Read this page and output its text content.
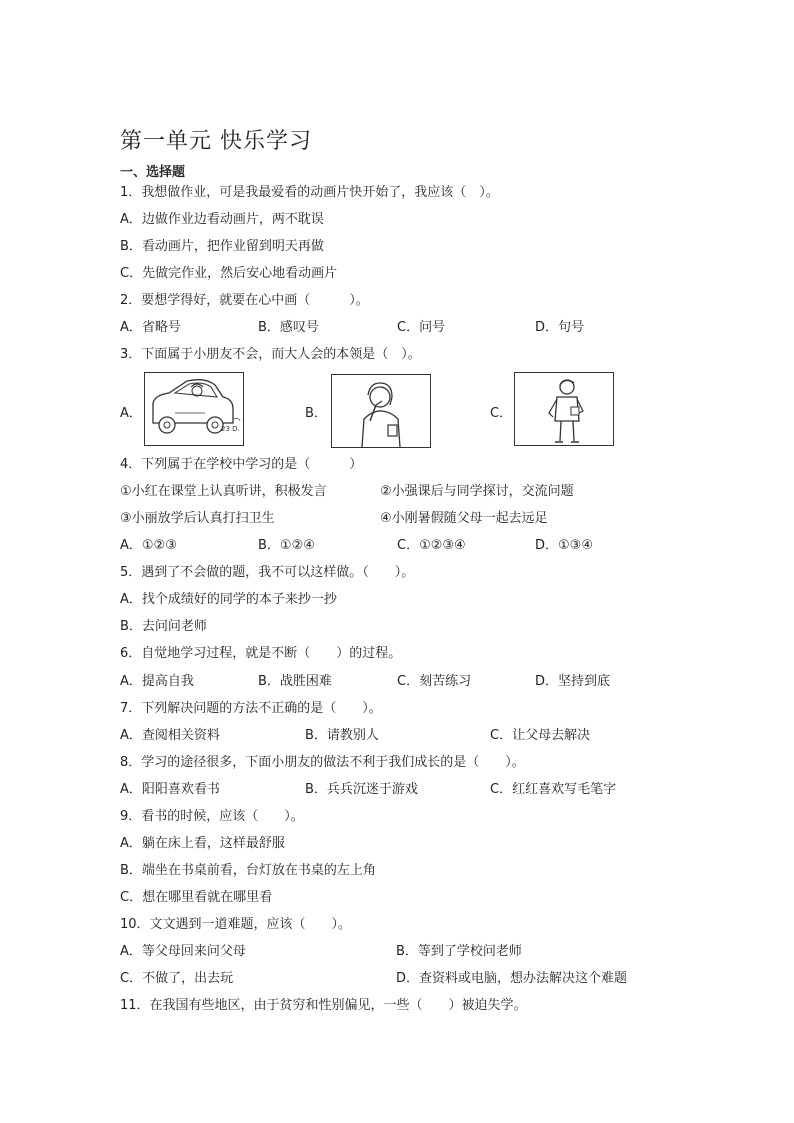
第一单元 快乐学习
一、选择题
1．我想做作业，可是我最爱看的动画片快开始了，我应该（　）。
A．边做作业边看动画片，两不耽误
B．看动画片，把作业留到明天再做
C．先做完作业，然后安心地看动画片
2．要想学得好，就要在心中画（　　　）。
A．省略号	B．感叹号	C．问号	D．句号
3．下面属于小朋友不会，而大人会的本领是（　）。
A．
23 D.
B．	C．
4．下列属于在学校中学习的是（　　　）
①小红在课堂上认真听讲，积极发言	②小强课后与同学探讨，交流问题
③小丽放学后认真打扫卫生	④小刚暑假随父母一起去远足
A．①②③	B．①②④	C．①②③④	D．①③④
5．遇到了不会做的题，我不可以这样做。（　　）。
A．找个成绩好的同学的本子来抄一抄
B．去问问老师
6．自觉地学习过程，就是不断（　　）的过程。
A．提高自我	B．战胜困难	C．刻苦练习	D．坚持到底
7．下列解决问题的方法不正确的是（　　）。
A．查阅相关资料	B．请教别人	C．让父母去解决
8．学习的途径很多，下面小朋友的做法不利于我们成长的是（　　）。
A．阳阳喜欢看书	B．兵兵沉迷于游戏	C．红红喜欢写毛笔字
9．看书的时候，应该（　　）。
A．躺在床上看，这样最舒服
B．端坐在书桌前看，台灯放在书桌的左上角
C．想在哪里看就在哪里看
10．文文遇到一道难题，应该（　　）。
A．等父母回来问父母	B．等到了学校问老师
C．不做了，出去玩	D．查资料或电脑，想办法解决这个难题
11．在我国有些地区，由于贫穷和性别偏见，一些（　　）被迫失学。
